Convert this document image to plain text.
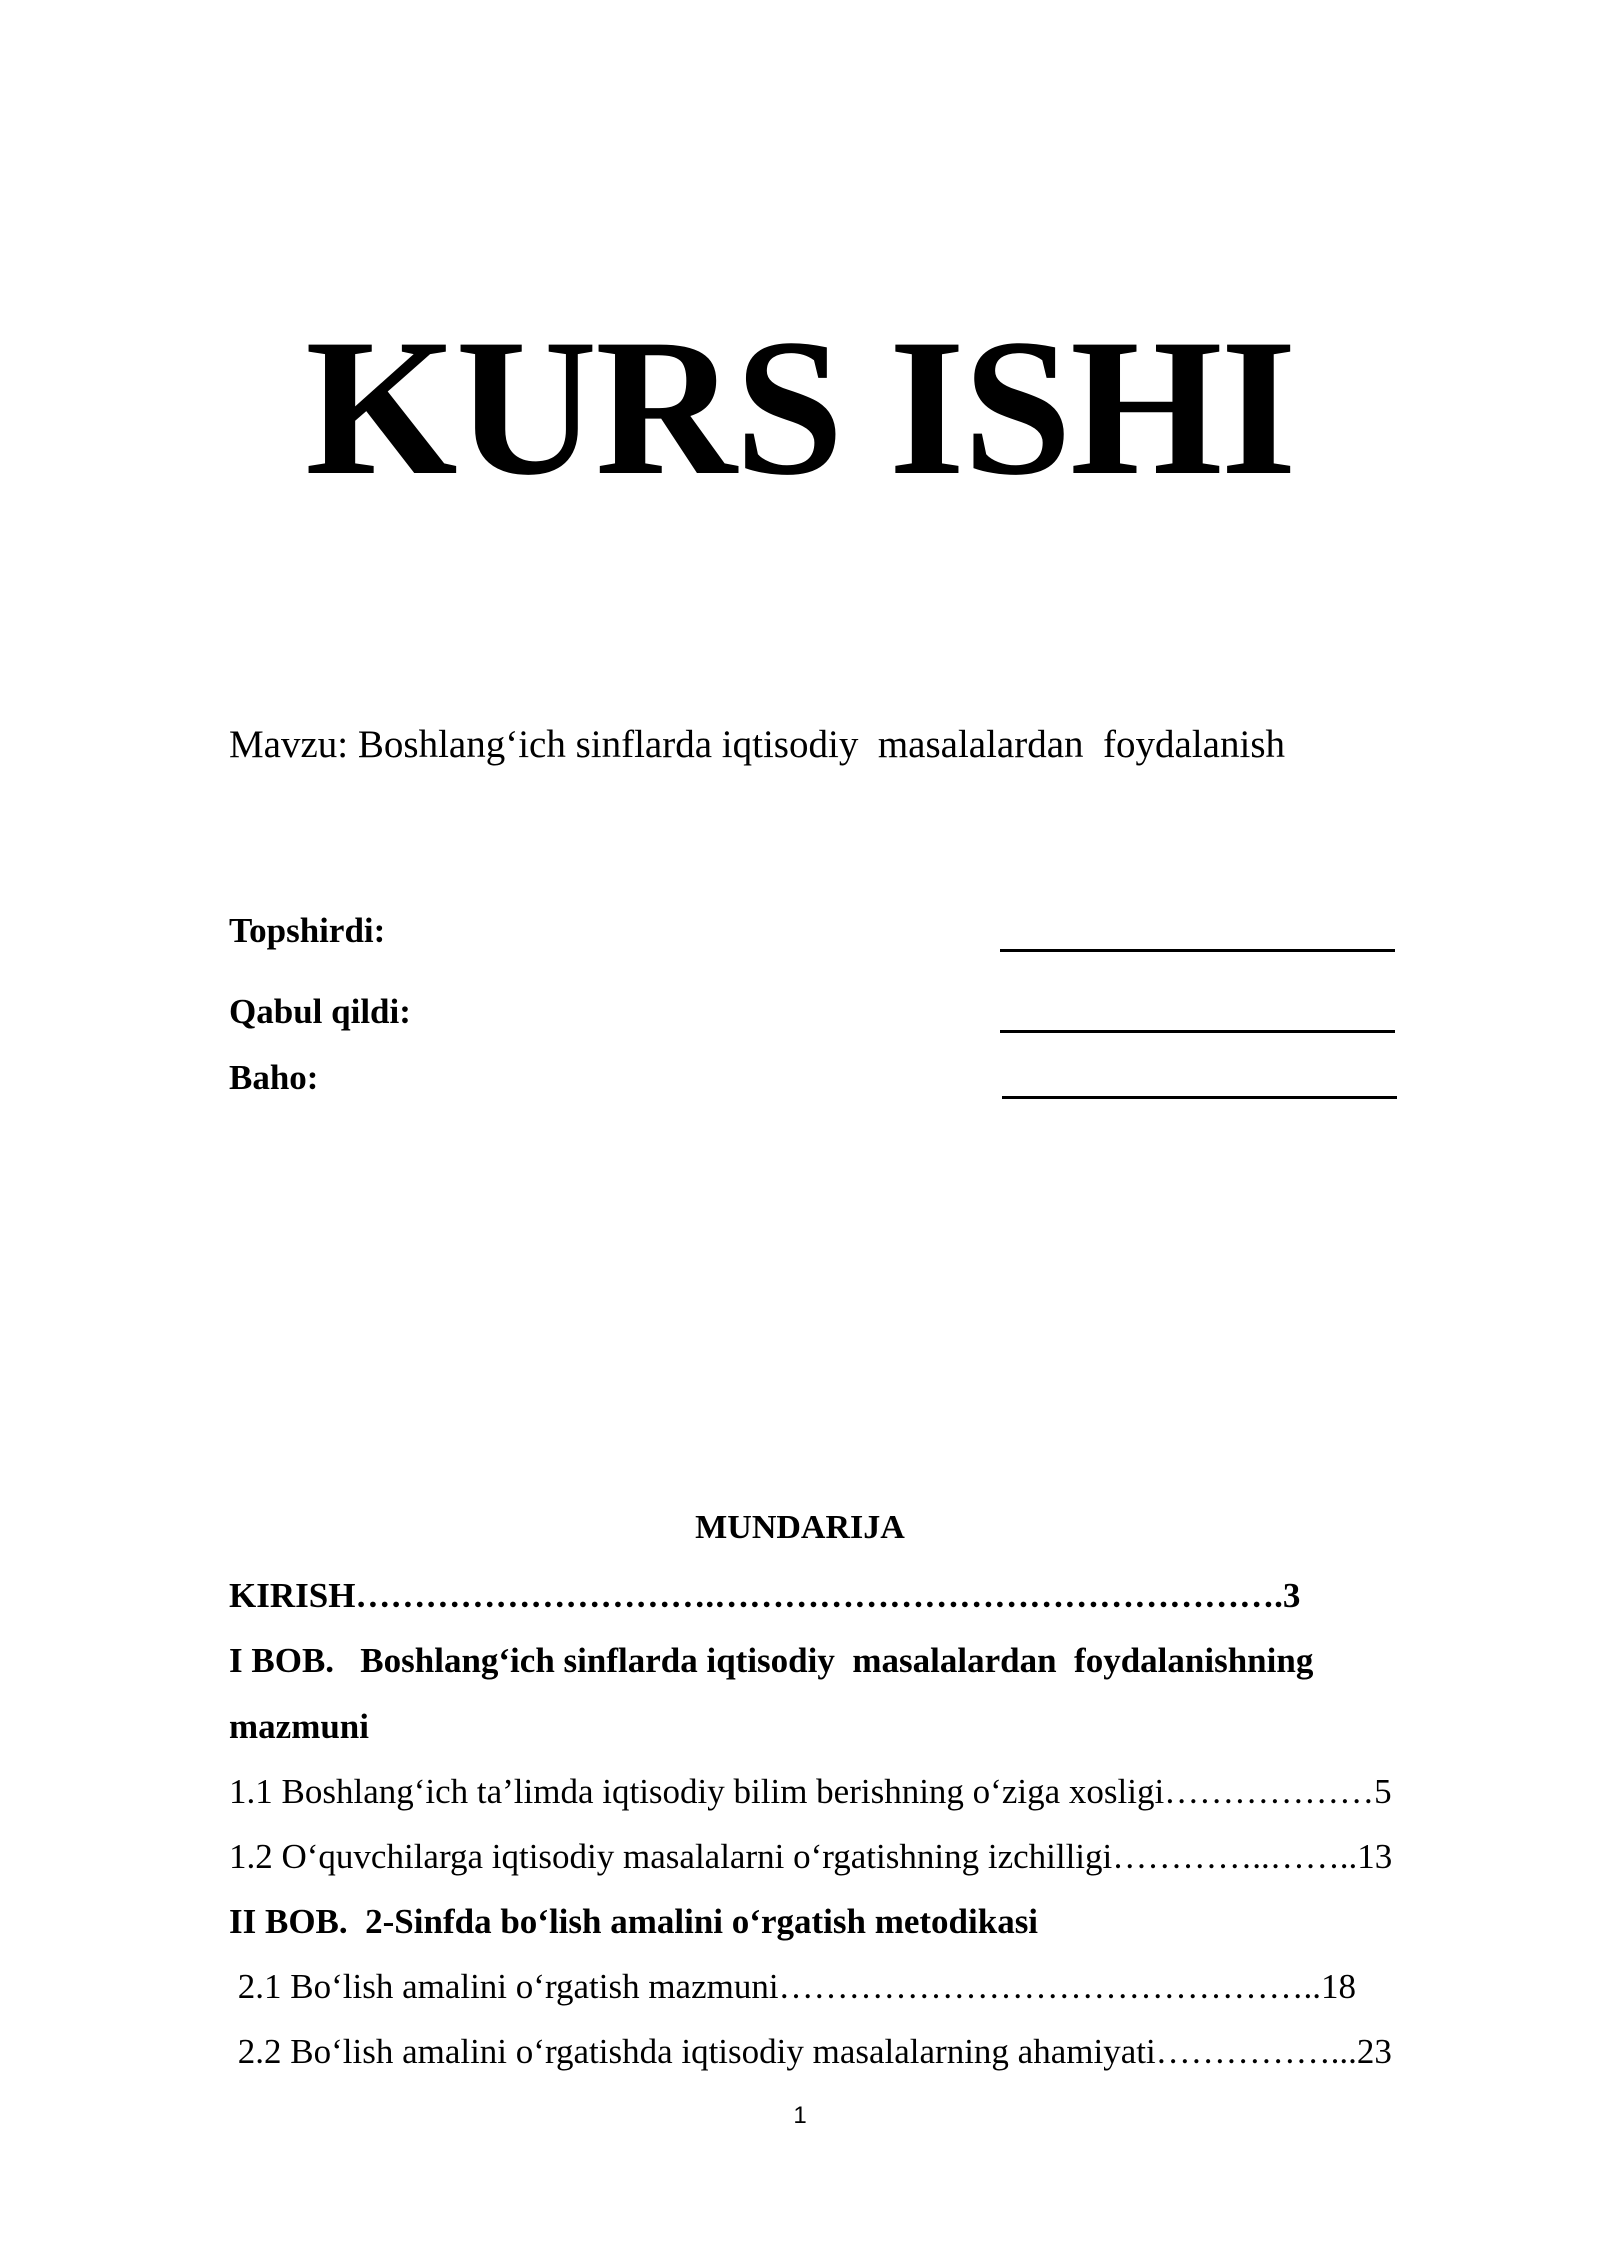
KURS ISHI
Mavzu: Boshlang‘ich sinflarda iqtisodiy  masalalardan  foydalanish
Topshirdi:
Qabul qildi:
Baho:
MUNDARIJA
KIRISH………………………….………………………………………….3
I BOB.   Boshlang‘ich sinflarda iqtisodiy  masalalardan  foydalanishning
mazmuni
1.1 Boshlang‘ich ta’limda iqtisodiy bilim berishning o‘ziga xosligi………………5
1.2 O‘quvchilarga iqtisodiy masalalarni o‘rgatishning izchilligi…………..……..13
II BOB.  2-Sinfda bo‘lish amalini o‘rgatish metodikasi
2.1 Bo‘lish amalini o‘rgatish mazmuni………………………………………..18
2.2 Bo‘lish amalini o‘rgatishda iqtisodiy masalalarning ahamiyati……………...23
1
